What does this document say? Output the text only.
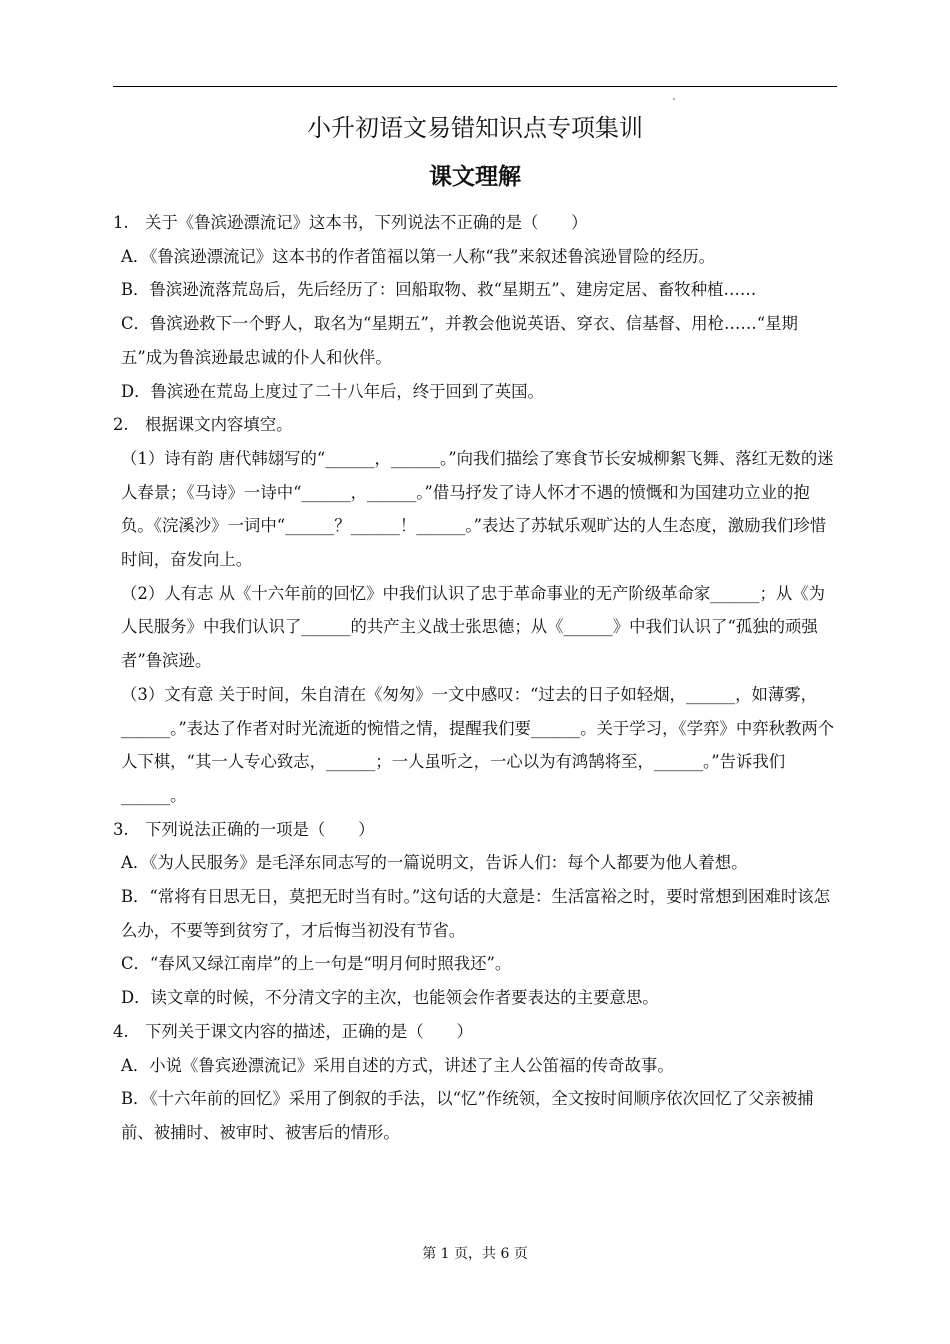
小升初语文易错知识点专项集训
课文理解

1.　关于《鲁滨逊漂流记》这本书，下列说法不正确的是（　　）

A．《鲁滨逊漂流记》这本书的作者笛福以第一人称“我”来叙述鲁滨逊冒险的经历。

B．鲁滨逊流落荒岛后，先后经历了：回船取物、救“星期五”、建房定居、畜牧种植……

C．鲁滨逊救下一个野人，取名为“星期五”，并教会他说英语、穿衣、信基督、用枪……“星期五”成为鲁滨逊最忠诚的仆人和伙伴。

D．鲁滨逊在荒岛上度过了二十八年后，终于回到了英国。

2.　根据课文内容填空。

（1）诗有韵 唐代韩翃写的“______，______。”向我们描绘了寒食节长安城柳絮飞舞、落红无数的迷人春景；《马诗》一诗中“______，______。”借马抒发了诗人怀才不遇的愤慨和为国建功立业的抱负。《浣溪沙》一词中“______？______！______。”表达了苏轼乐观旷达的人生态度，激励我们珍惜时间，奋发向上。

（2）人有志 从《十六年前的回忆》中我们认识了忠于革命事业的无产阶级革命家______；从《为人民服务》中我们认识了______的共产主义战士张思德；从《______》中我们认识了“孤独的顽强者”鲁滨逊。

（3）文有意 关于时间，朱自清在《匆匆》一文中感叹：“过去的日子如轻烟，______，如薄雾，______。”表达了作者对时光流逝的惋惜之情，提醒我们要______。关于学习，《学弈》中弈秋教两个人下棋，“其一人专心致志，______；一人虽听之，一心以为有鸿鹄将至，______。”告诉我们______。

3.　下列说法正确的一项是（　　）

A．《为人民服务》是毛泽东同志写的一篇说明文，告诉人们：每个人都要为他人着想。

B．“常将有日思无日，莫把无时当有时。”这句话的大意是：生活富裕之时，要时常想到困难时该怎么办，不要等到贫穷了，才后悔当初没有节省。

C．“春风又绿江南岸”的上一句是“明月何时照我还”。

D．读文章的时候，不分清文字的主次，也能领会作者要表达的主要意思。

4.　下列关于课文内容的描述，正确的是（　　）

A．小说《鲁宾逊漂流记》采用自述的方式，讲述了主人公笛福的传奇故事。

B．《十六年前的回忆》采用了倒叙的手法，以“忆”作统领，全文按时间顺序依次回忆了父亲被捕前、被捕时、被审时、被害后的情形。

第 1 页，共 6 页
